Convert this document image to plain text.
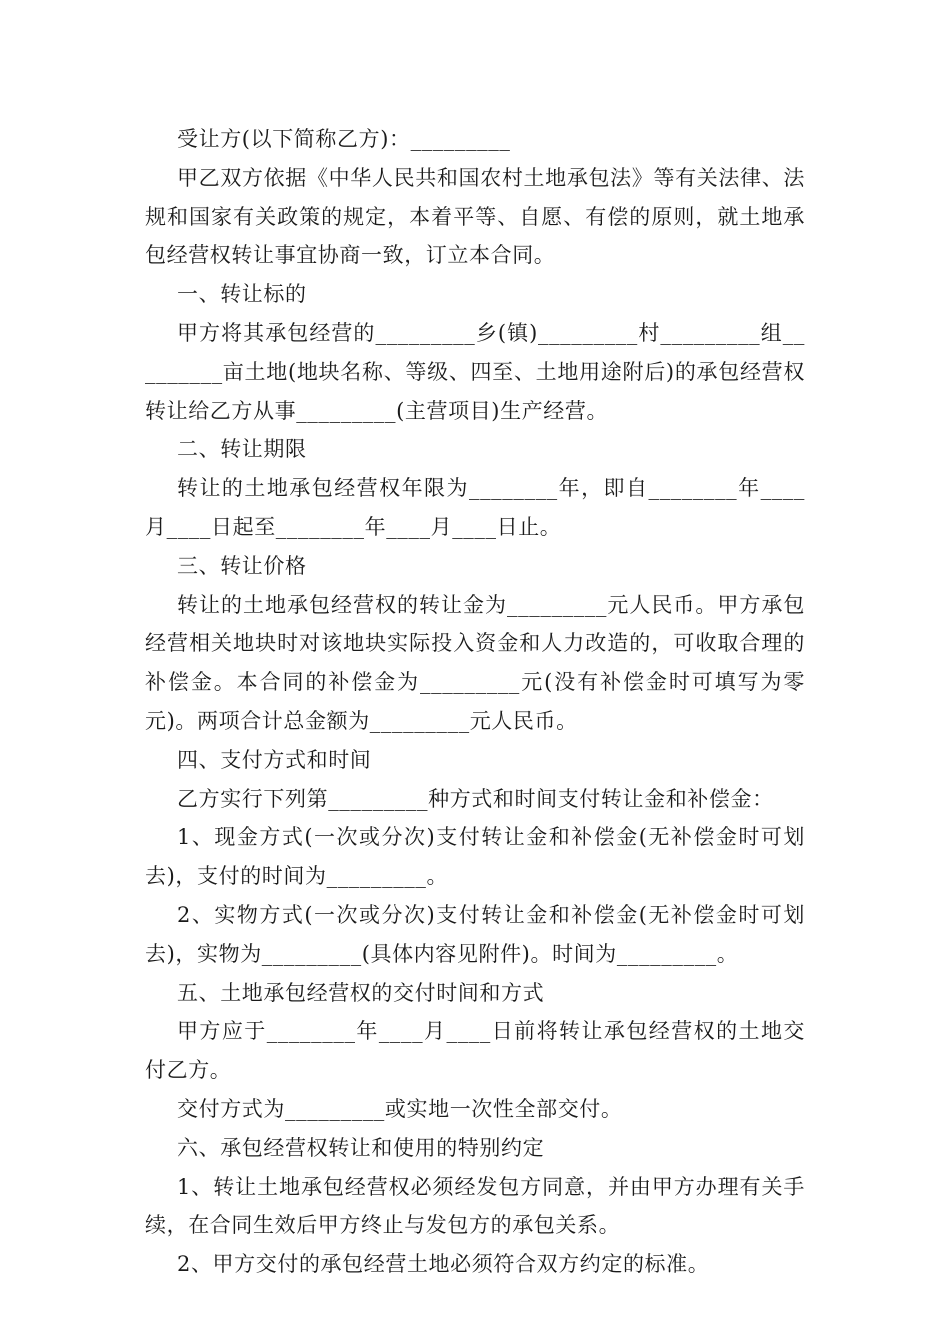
受让方(以下简称乙方)：_________

甲乙双方依据《中华人民共和国农村土地承包法》等有关法律、法规和国家有关政策的规定，本着平等、自愿、有偿的原则，就土地承包经营权转让事宜协商一致，订立本合同。

一、转让标的

甲方将其承包经营的_________乡(镇)_________村_________组_________亩土地(地块名称、等级、四至、土地用途附后)的承包经营权转让给乙方从事_________(主营项目)生产经营。

二、转让期限

转让的土地承包经营权年限为________年，即自________年____月____日起至________年____月____日止。

三、转让价格

转让的土地承包经营权的转让金为_________元人民币。甲方承包经营相关地块时对该地块实际投入资金和人力改造的，可收取合理的补偿金。本合同的补偿金为_________元(没有补偿金时可填写为零元)。两项合计总金额为_________元人民币。

四、支付方式和时间

乙方实行下列第_________种方式和时间支付转让金和补偿金：

1、现金方式(一次或分次)支付转让金和补偿金(无补偿金时可划去)，支付的时间为_________。

2、实物方式(一次或分次)支付转让金和补偿金(无补偿金时可划去)，实物为_________(具体内容见附件)。时间为_________。

五、土地承包经营权的交付时间和方式

甲方应于________年____月____日前将转让承包经营权的土地交付乙方。

交付方式为_________或实地一次性全部交付。

六、承包经营权转让和使用的特别约定

1、转让土地承包经营权必须经发包方同意，并由甲方办理有关手续，在合同生效后甲方终止与发包方的承包关系。

2、甲方交付的承包经营土地必须符合双方约定的标准。
